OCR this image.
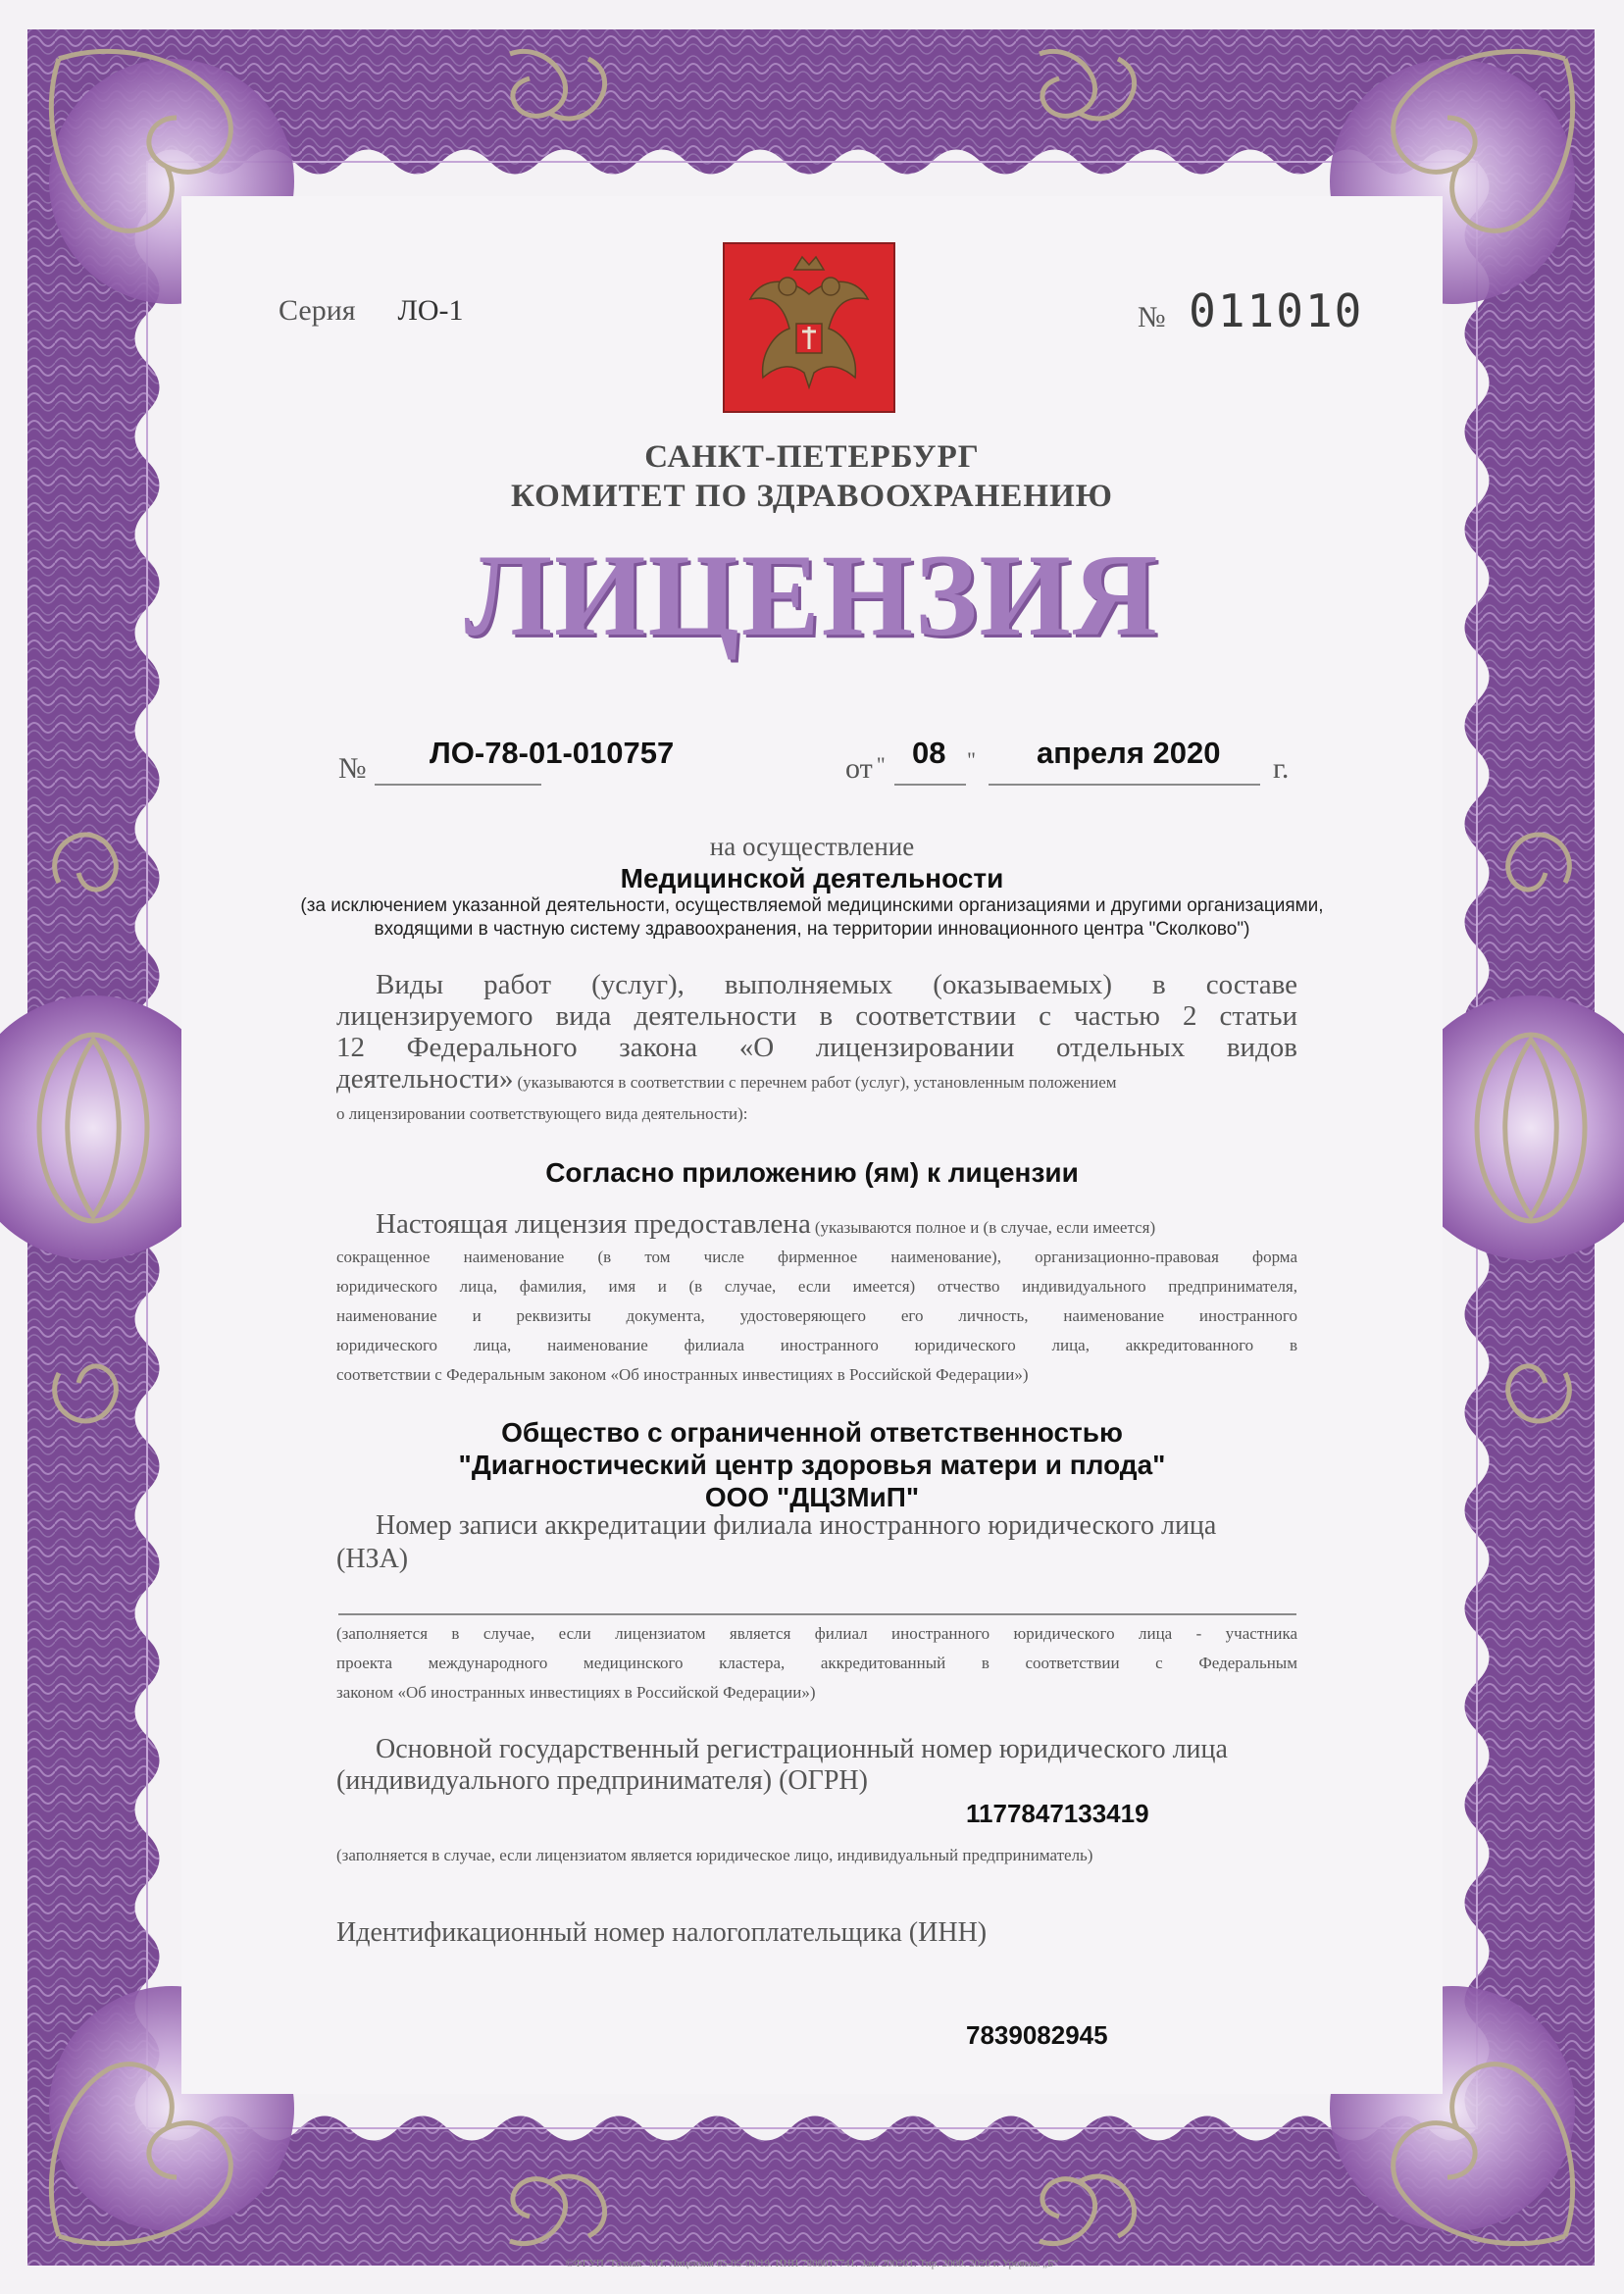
Серия ЛО-1	№ 011010
САНКТ-ПЕТЕРБУРГ
КОМИТЕТ ПО ЗДРАВООХРАНЕНИЮ
ЛИЦЕНЗИЯ
№ ЛО-78-01-010757	от " 08 " апреля 2020 г.
на осуществление
Медицинской деятельности
(за исключением указанной деятельности, осуществляемой медицинскими организациями и другими организациями,
входящими в частную систему здравоохранения, на территории инновационного центра "Сколково")
Виды работ (услуг), выполняемых (оказываемых) в составе
лицензируемого вида деятельности в соответствии с частью 2 статьи
12 Федерального закона «О лицензировании отдельных видов
деятельности» (указываются в соответствии с перечнем работ (услуг), установленным положением
о лицензировании соответствующего вида деятельности):
Согласно приложению (ям) к лицензии
Настоящая лицензия предоставлена (указываются полное и (в случае, если имеется)
сокращенное наименование (в том числе фирменное наименование), организационно-правовая форма
юридического лица, фамилия, имя и (в случае, если имеется) отчество индивидуального предпринимателя,
наименование и реквизиты документа, удостоверяющего его личность, наименование иностранного
юридического лица, наименование филиала иностранного юридического лица, аккредитованного в
соответствии с Федеральным законом «Об иностранных инвестициях в Российской Федерации»)
Общество с ограниченной ответственностью
"Диагностический центр здоровья матери и плода"
ООО "ДЦЗМиП"
Номер записи аккредитации филиала иностранного юридического лица
(НЗА)
(заполняется в случае, если лицензиатом является филиал иностранного юридического лица - участника
проекта международного медицинского кластера, аккредитованный в соответствии с Федеральным
законом «Об иностранных инвестициях в Российской Федерации»)
Основной государственный регистрационный номер юридического лица
(индивидуального предпринимателя) (ОГРН)
1177847133419
(заполняется в случае, если лицензиатом является юридическое лицо, индивидуальный предприниматель)
Идентификационный номер налогоплательщика (ИНН)
7839082945
©ФГУП "Гознак" МТ. Лицензия 05-05-09/19. ИНН 7808017741. Зак. 200201. Тир. 2000. 2020 г. Уровень „Б“
